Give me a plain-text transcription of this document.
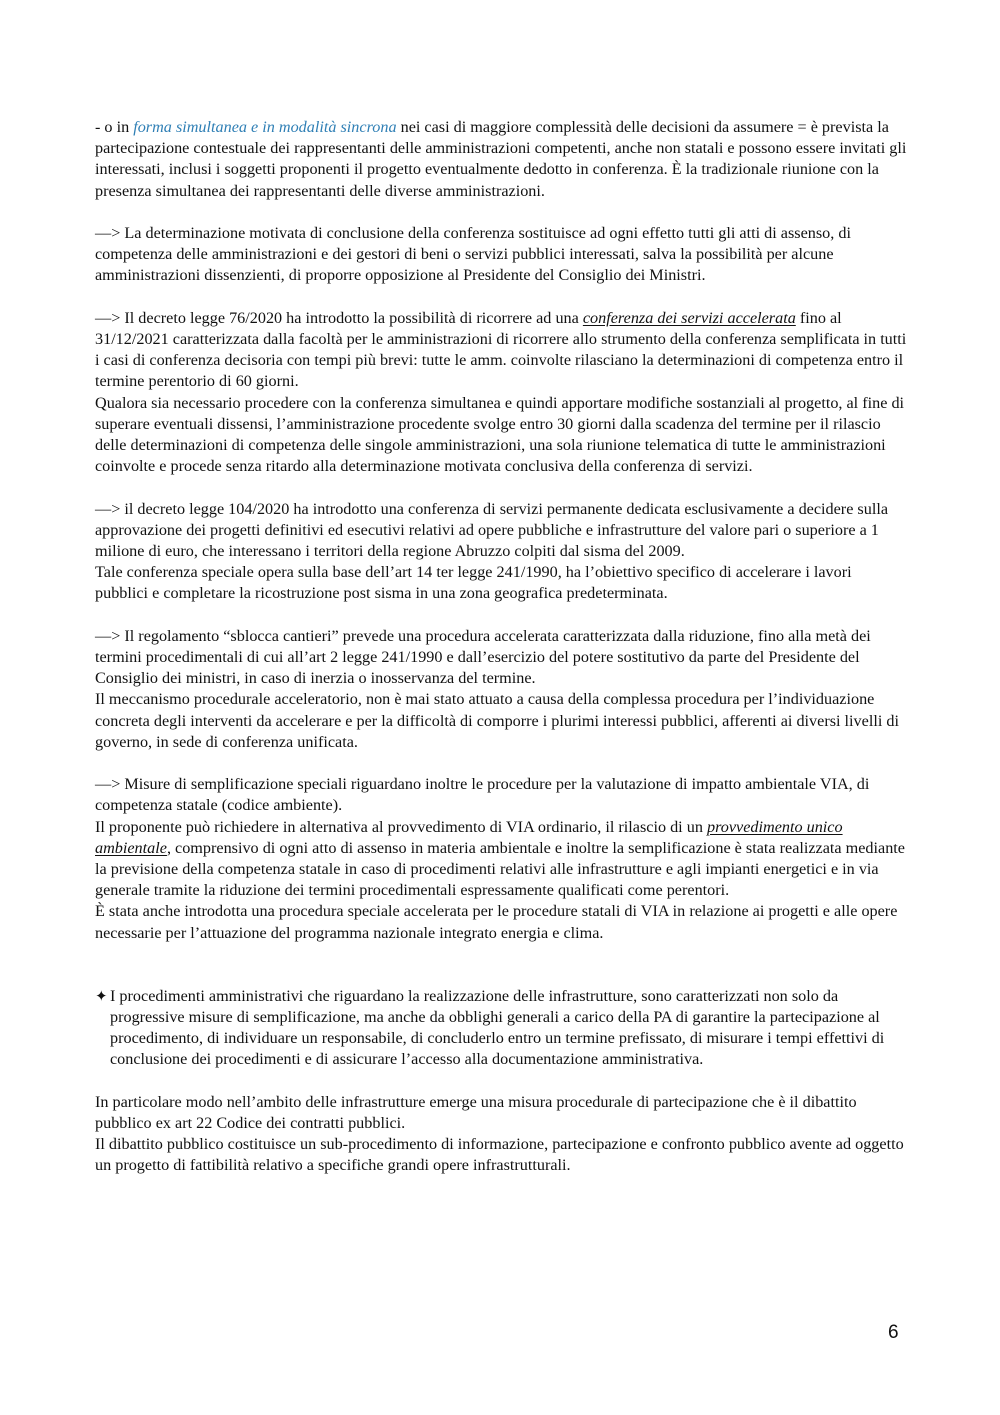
- o in forma simultanea e in modalità sincrona nei casi di maggiore complessità delle decisioni da assumere = è prevista la partecipazione contestuale dei rappresentanti delle amministrazioni competenti, anche non statali e possono essere invitati gli interessati, inclusi i soggetti proponenti il progetto eventualmente dedotto in conferenza. È la tradizionale riunione con la presenza simultanea dei rappresentanti delle diverse amministrazioni.

—> La determinazione motivata di conclusione della conferenza sostituisce ad ogni effetto tutti gli atti di assenso, di competenza delle amministrazioni e dei gestori di beni o servizi pubblici interessati, salva la possibilità per alcune amministrazioni dissenzienti, di proporre opposizione al Presidente del Consiglio dei Ministri.

—> Il decreto legge 76/2020 ha introdotto la possibilità di ricorrere ad una conferenza dei servizi accelerata fino al 31/12/2021 caratterizzata dalla facoltà per le amministrazioni di ricorrere allo strumento della conferenza semplificata in tutti i casi di conferenza decisoria con tempi più brevi: tutte le amm. coinvolte rilasciano la determinazioni di competenza entro il termine perentorio di 60 giorni.

Qualora sia necessario procedere con la conferenza simultanea e quindi apportare modifiche sostanziali al progetto, al fine di superare eventuali dissensi, l’amministrazione procedente svolge entro 30 giorni dalla scadenza del termine per il rilascio delle determinazioni di competenza delle singole amministrazioni, una sola riunione telematica di tutte le amministrazioni coinvolte e procede senza ritardo alla determinazione motivata conclusiva della conferenza di servizi.

—> il decreto legge 104/2020 ha introdotto una conferenza di servizi permanente dedicata esclusivamente a decidere sulla approvazione dei progetti definitivi ed esecutivi relativi ad opere pubbliche e infrastrutture del valore pari o superiore a 1 milione di euro, che interessano i territori della regione Abruzzo colpiti dal sisma del 2009.

Tale conferenza speciale opera sulla base dell’art 14 ter legge 241/1990, ha l’obiettivo specifico di accelerare i lavori pubblici e completare la ricostruzione post sisma in una zona geografica predeterminata.

—> Il regolamento “sblocca cantieri” prevede una procedura accelerata caratterizzata dalla riduzione, fino alla metà dei termini procedimentali di cui all’art 2 legge 241/1990 e dall’esercizio del potere sostitutivo da parte del Presidente del Consiglio dei ministri, in caso di inerzia o inosservanza del termine.

Il meccanismo procedurale acceleratorio, non è mai stato attuato a causa della complessa procedura per l’individuazione concreta degli interventi da accelerare e per la difficoltà di comporre i plurimi interessi pubblici, afferenti ai diversi livelli di governo, in sede di conferenza unificata.

—> Misure di semplificazione speciali riguardano inoltre le procedure per la valutazione di impatto ambientale VIA, di competenza statale (codice ambiente).

Il proponente può richiedere in alternativa al provvedimento di VIA ordinario, il rilascio di un provvedimento unico ambientale, comprensivo di ogni atto di assenso in materia ambientale e inoltre la semplificazione è stata realizzata mediante la previsione della competenza statale in caso di procedimenti relativi alle infrastrutture e agli impianti energetici e in via generale tramite la riduzione dei termini procedimentali espressamente qualificati come perentori.

È stata anche introdotta una procedura speciale accelerata per le procedure statali di VIA in relazione ai progetti e alle opere necessarie per l’attuazione del programma nazionale integrato energia e clima.

✦ I procedimenti amministrativi che riguardano la realizzazione delle infrastrutture, sono caratterizzati non solo da progressive misure di semplificazione, ma anche da obblighi generali a carico della PA di garantire la partecipazione al procedimento, di individuare un responsabile, di concluderlo entro un termine prefissato, di misurare i tempi effettivi di conclusione dei procedimenti e di assicurare l’accesso alla documentazione amministrativa.

In particolare modo nell’ambito delle infrastrutture emerge una misura procedurale di partecipazione che è il dibattito pubblico ex art 22 Codice dei contratti pubblici.

Il dibattito pubblico costituisce un sub-procedimento di informazione, partecipazione e confronto pubblico avente ad oggetto un progetto di fattibilità relativo a specifiche grandi opere infrastrutturali.

6
